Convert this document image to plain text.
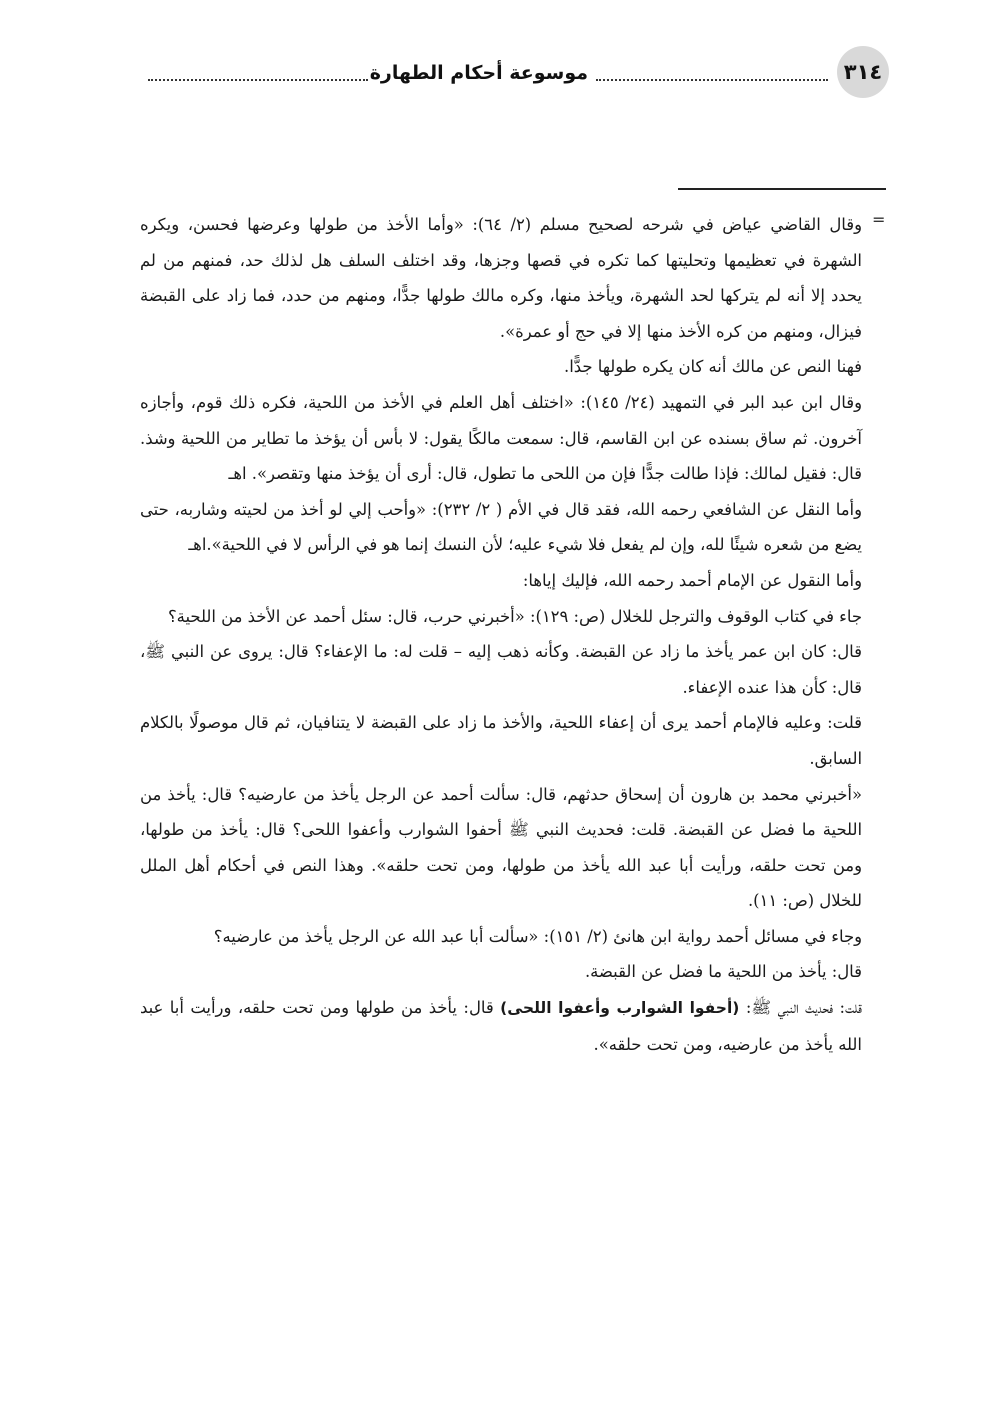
٣١٤
موسوعة أحكام الطهارة
=

وقال القاضي عياض في شرحه لصحيح مسلم (٢/ ٦٤): «وأما الأخذ من طولها وعرضها فحسن، ويكره الشهرة في تعظيمها وتحليتها كما تكره في قصها وجزها، وقد اختلف السلف هل لذلك حد، فمنهم من لم يحدد إلا أنه لم يتركها لحد الشهرة، ويأخذ منها، وكره مالك طولها جدًّا، ومنهم من حدد، فما زاد على القبضة فيزال، ومنهم من كره الأخذ منها إلا في حج أو عمرة».

فهنا النص عن مالك أنه كان يكره طولها جدًّا.

وقال ابن عبد البر في التمهيد (٢٤/ ١٤٥): «اختلف أهل العلم في الأخذ من اللحية، فكره ذلك قوم، وأجازه آخرون. ثم ساق بسنده عن ابن القاسم، قال: سمعت مالكًا يقول: لا بأس أن يؤخذ ما تطاير من اللحية وشذ. قال: فقيل لمالك: فإذا طالت جدًّا فإن من اللحى ما تطول، قال: أرى أن يؤخذ منها وتقصر». اهـ

وأما النقل عن الشافعي رحمه الله، فقد قال في الأم ( ٢/ ٢٣٢): «وأحب إلي لو أخذ من لحيته وشاربه، حتى يضع من شعره شيئًا لله، وإن لم يفعل فلا شيء عليه؛ لأن النسك إنما هو في الرأس لا في اللحية».اهـ

وأما النقول عن الإمام أحمد رحمه الله، فإليك إياها:

جاء في كتاب الوقوف والترجل للخلال (ص: ١٢٩): «أخبرني حرب، قال: سئل أحمد عن الأخذ من اللحية؟

قال: كان ابن عمر يأخذ ما زاد عن القبضة. وكأنه ذهب إليه – قلت له: ما الإعفاء؟ قال: يروى عن النبي ﷺ، قال: كأن هذا عنده الإعفاء.

قلت: وعليه فالإمام أحمد يرى أن إعفاء اللحية، والأخذ ما زاد على القبضة لا يتنافيان، ثم قال موصولًا بالكلام السابق.

«أخبرني محمد بن هارون أن إسحاق حدثهم، قال: سألت أحمد عن الرجل يأخذ من عارضيه؟ قال: يأخذ من اللحية ما فضل عن القبضة. قلت: فحديث النبي ﷺ أحفوا الشوارب وأعفوا اللحى؟ قال: يأخذ من طولها، ومن تحت حلقه، ورأيت أبا عبد الله يأخذ من طولها، ومن تحت حلقه». وهذا النص في أحكام أهل الملل للخلال (ص: ١١).

وجاء في مسائل أحمد رواية ابن هانئ (٢/ ١٥١): «سألت أبا عبد الله عن الرجل يأخذ من عارضيه؟

قال: يأخذ من اللحية ما فضل عن القبضة.

قلت: فحديث النبي ﷺ: (أحفوا الشوارب وأعفوا اللحى) قال: يأخذ من طولها ومن تحت حلقه، ورأيت أبا عبد الله يأخذ من عارضيه، ومن تحت حلقه».
